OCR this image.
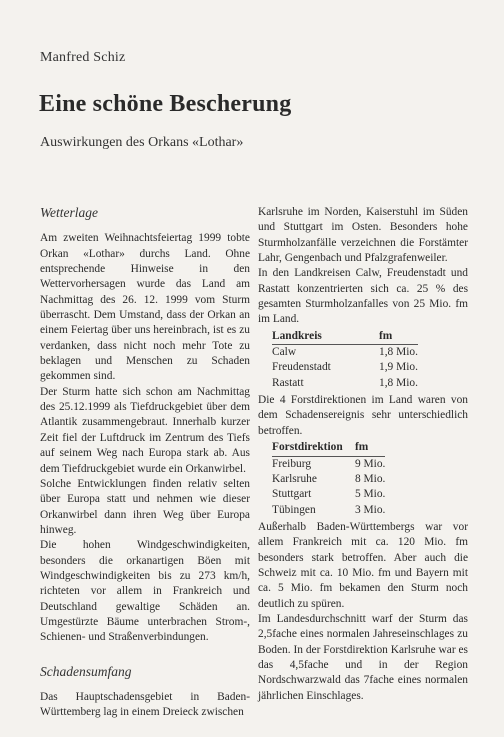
Manfred Schiz
Eine schöne Bescherung
Auswirkungen des Orkans «Lothar»
Wetterlage

Am zweiten Weihnachtsfeiertag 1999 tobte Orkan «Lothar» durchs Land. Ohne entsprechende Hinweise in den Wettervorhersagen wurde das Land am Nachmittag des 26. 12. 1999 vom Sturm überrascht. Dem Umstand, dass der Orkan an einem Feiertag über uns hereinbrach, ist es zu verdanken, dass nicht noch mehr Tote zu beklagen und Menschen zu Schaden gekommen sind.

Der Sturm hatte sich schon am Nachmittag des 25.12.1999 als Tiefdruckgebiet über dem Atlantik zusammengebraut. Innerhalb kurzer Zeit fiel der Luftdruck im Zentrum des Tiefs auf seinem Weg nach Europa stark ab. Aus dem Tiefdruckgebiet wurde ein Orkanwirbel.

Solche Entwicklungen finden relativ selten über Europa statt und nehmen wie dieser Orkanwirbel dann ihren Weg über Europa hinweg.

Die hohen Windgeschwindigkeiten, besonders die orkanartigen Böen mit Windgeschwindigkeiten bis zu 273 km/h, richteten vor allem in Frankreich und Deutschland gewaltige Schäden an. Umgestürzte Bäume unterbrachen Strom-, Schienen- und Straßenverbindungen.

Schadensumfang

Das Hauptschadensgebiet in Baden-Württemberg lag in einem Dreieck zwischen

Karlsruhe im Norden, Kaiserstuhl im Süden und Stuttgart im Osten. Besonders hohe Sturmholzanfälle verzeichnen die Forstämter Lahr, Gengenbach und Pfalzgrafenweiler.

In den Landkreisen Calw, Freudenstadt und Rastatt konzentrierten sich ca. 25 % des gesamten Sturmholzanfalles von 25 Mio. fm im Land.

Landkreis	fm
Calw	1,8 Mio.
Freudenstadt	1,9 Mio.
Rastatt	1,8 Mio.

Die 4 Forstdirektionen im Land waren von dem Schadensereignis sehr unterschiedlich betroffen.

Forstdirektion	fm
Freiburg	9 Mio.
Karlsruhe	8 Mio.
Stuttgart	5 Mio.
Tübingen	3 Mio.

Außerhalb Baden-Württembergs war vor allem Frankreich mit ca. 120 Mio. fm besonders stark betroffen. Aber auch die Schweiz mit ca. 10 Mio. fm und Bayern mit ca. 5 Mio. fm bekamen den Sturm noch deutlich zu spüren.

Im Landesdurchschnitt warf der Sturm das 2,5fache eines normalen Jahreseinschlages zu Boden. In der Forstdirektion Karlsruhe war es das 4,5fache und in der Region Nordschwarzwald das 7fache eines normalen jährlichen Einschlages.
